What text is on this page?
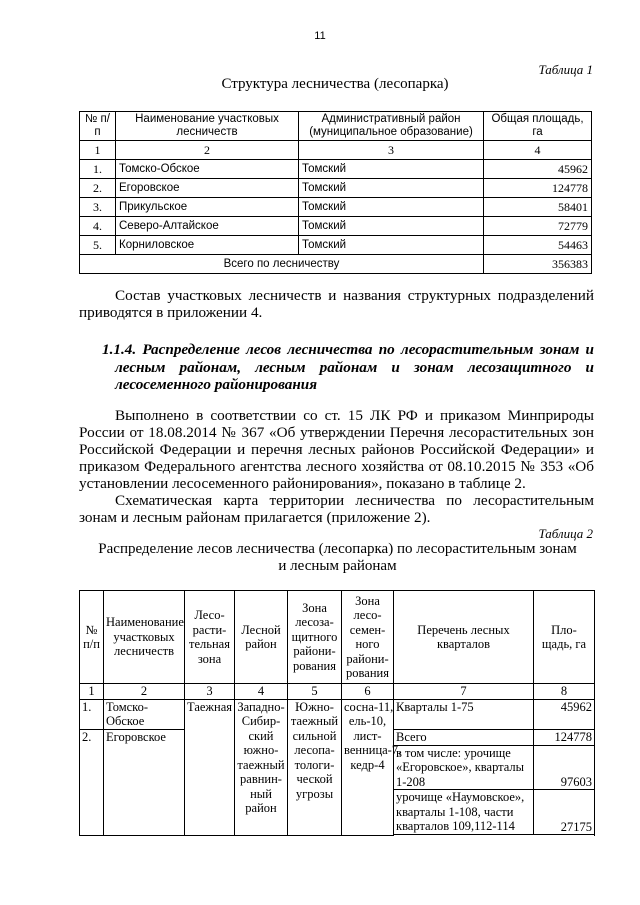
11
Таблица 1
Структура лесничества (лесопарка)
№ п/п	Наименование участковых лесничеств	Административный район (муниципальное образование)	Общая площадь, га
1	2	3	4
1.	Томско-Обское	Томский	45962
2.	Егоровское	Томский	124778
3.	Прикульское	Томский	58401
4.	Северо-Алтайское	Томский	72779
5.	Корниловское	Томский	54463
Всего по лесничеству			356383
Состав участковых лесничеств и названия структурных подразделений приводятся в приложении 4.
1.1.4. Распределение лесов лесничества по лесорастительным зонам и лесным районам, лесным районам и зонам лесозащитного и лесосеменного районирования
Выполнено в соответствии со ст. 15 ЛК РФ и приказом Минприроды России от 18.08.2014 № 367 «Об утверждении Перечня лесорастительных зон Российской Федерации и перечня лесных районов Российской Федерации» и приказом Федерального агентства лесного хозяйства от 08.10.2015 № 353 «Об установлении лесосеменного районирования», показано в таблице 2.
Схематическая карта территории лесничества по лесорастительным зонам и лесным районам прилагается (приложение 2).
Таблица 2
Распределение лесов лесничества (лесопарка) по лесорастительным зонам
и лесным районам
№ п/п	Наименование участковых лесничеств	Лесо-расти-тельная зона	Лесной район	Зона лесоза-щитного райони-рования	Зона лесо-семен-ного райони-рования	Перечень лесных кварталов	Пло-щадь, га
1	2	3	4	5	6	7	8
1.	Томско-Обское	Таежная	Западно-Сибир-ский южно-таежный равнин-ный район	Южно-таежный сильной лесопа-тологи-ческой угрозы	сосна-11, ель-10, лист-венница-7, кедр-4	Кварталы 1-75	45962
2.	Егоровское					Всего	124778
						в том числе: урочище «Егоровское», кварталы 1-208	97603
						урочище «Наумовское», кварталы 1-108, части кварталов 109,112-114	27175
